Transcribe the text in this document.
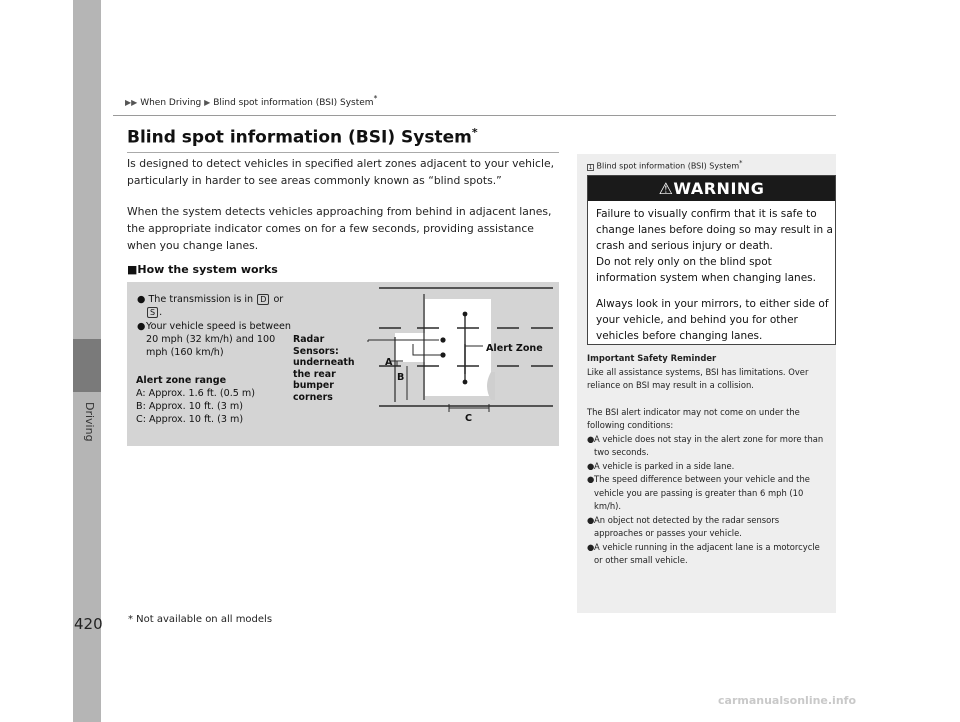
Driving
▶▶ When Driving ▶ Blind spot information (BSI) System*
Blind spot information (BSI) System*

Is designed to detect vehicles in specified alert zones adjacent to your vehicle, particularly in harder to see areas commonly known as “blind spots.”

When the system detects vehicles approaching from behind in adjacent lanes, the appropriate indicator comes on for a few seconds, providing assistance when you change lanes.

■How the system works
● The transmission is in D or
S .
● Your vehicle speed is between 20 mph (32 km/h) and 100 mph (160 km/h)
Alert zone range
A: Approx. 1.6 ft. (0.5 m)
B: Approx. 10 ft. (3 m)
C: Approx. 10 ft. (3 m)
Radar Sensors: underneath the rear bumper corners
Alert Zone
A
B
C
1 Blind spot information (BSI) System*
⚠WARNING

Failure to visually confirm that it is safe to change lanes before doing so may result in a crash and serious injury or death.

Do not rely only on the blind spot information system when changing lanes.

Always look in your mirrors, to either side of your vehicle, and behind you for other vehicles before changing lanes.

Important Safety Reminder

Like all assistance systems, BSI has limitations. Over reliance on BSI may result in a collision.

The BSI alert indicator may not come on under the following conditions:

● A vehicle does not stay in the alert zone for more than two seconds.
● A vehicle is parked in a side lane.
● The speed difference between your vehicle and the vehicle you are passing is greater than 6 mph (10 km/h).
● An object not detected by the radar sensors approaches or passes your vehicle.
● A vehicle running in the adjacent lane is a motorcycle or other small vehicle.
420	* Not available on all models
carmanualsonline.info
